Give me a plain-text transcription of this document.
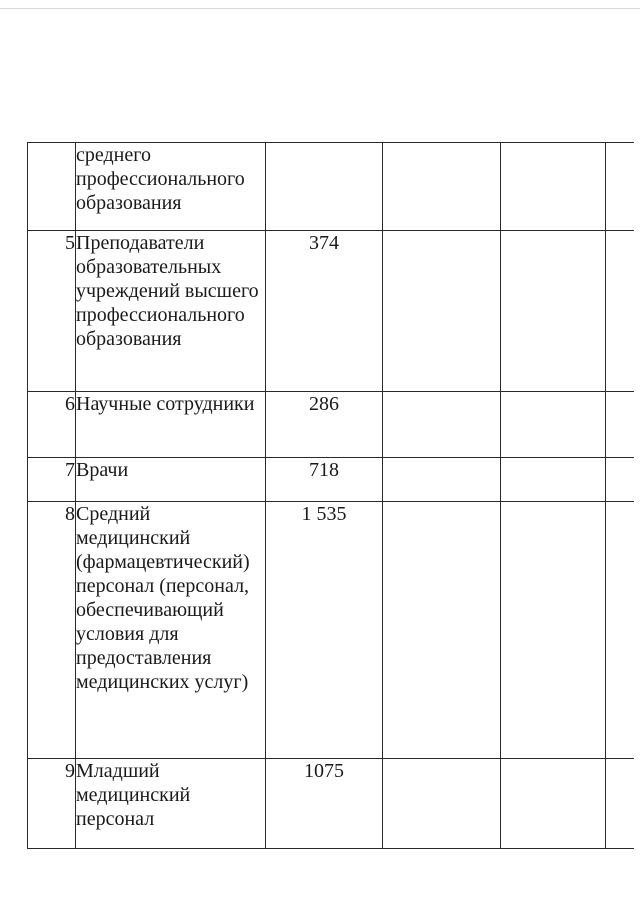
	среднего профессионального образования				
5	Преподаватели образовательных учреждений высшего профессионального образования	374			
6	Научные сотрудники	286			
7	Врачи	718			
8	Средний медицинский (фармацевтический) персонал (персонал, обеспечивающий условия для предоставления медицинских услуг)	1 535			
9	Младший медицинский персонал	1075			
